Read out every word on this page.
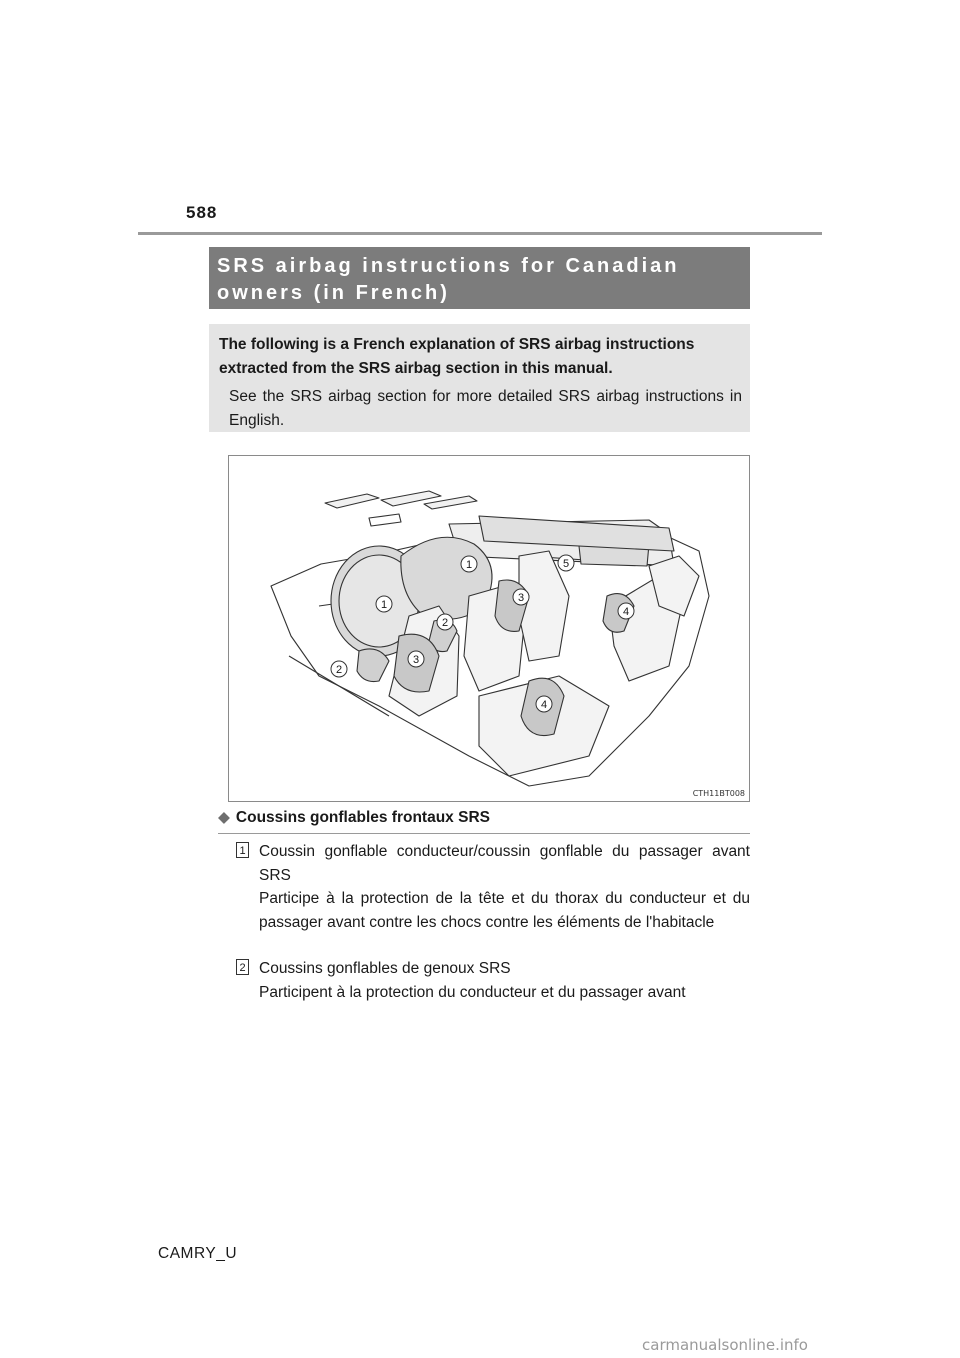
588
SRS airbag instructions for Canadian
owners (in French)
The following is a French explanation of SRS airbag instructions extracted from the SRS airbag section in this manual.
See the SRS airbag section for more detailed SRS airbag instructions in English.
1
1
2
2
3
3
4
4
5
CTH11BT008
◆ Coussins gonflables frontaux SRS
1 Coussin gonflable conducteur/coussin gonflable du passager avant SRS
Participe à la protection de la tête et du thorax du conducteur et du passager avant contre les chocs contre les éléments de l'habitacle
2 Coussins gonflables de genoux SRS
Participent à la protection du conducteur et du passager avant
CAMRY_U
carmanualsonline.info
